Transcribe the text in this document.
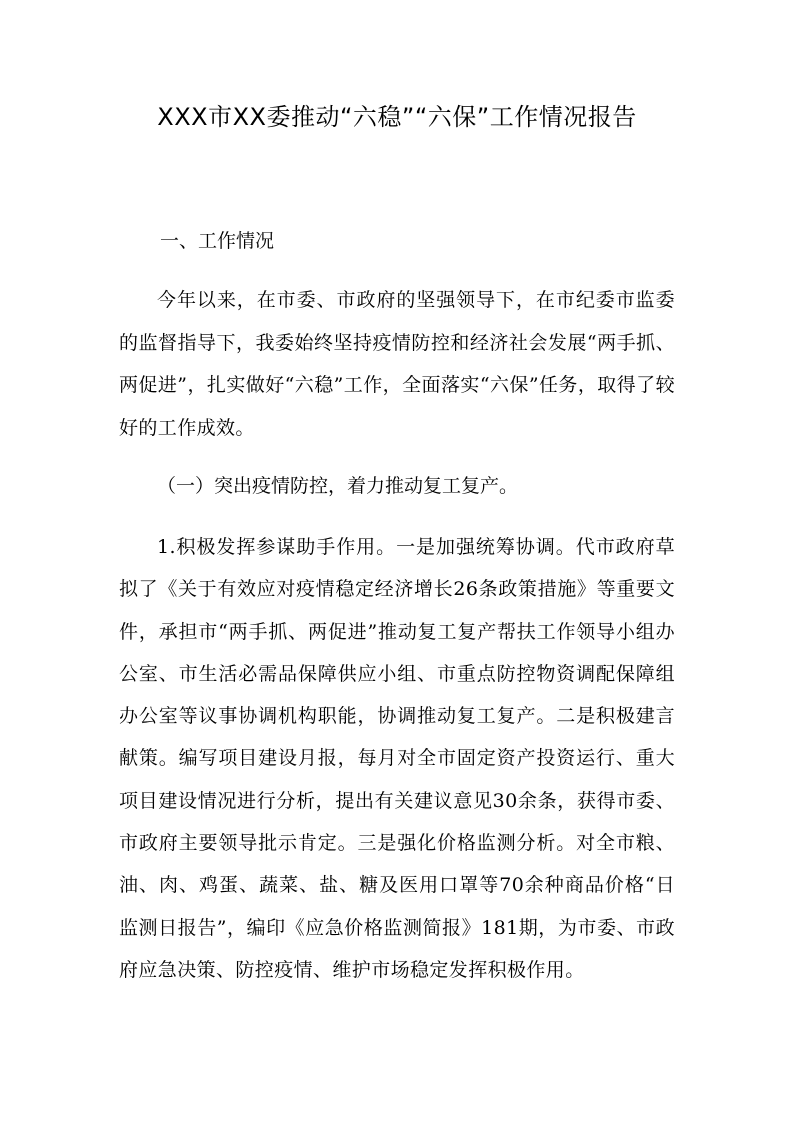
XXX市XX委推动“六稳”“六保”工作情况报告
一、工作情况

今年以来，在市委、市政府的坚强领导下，在市纪委市监委的监督指导下，我委始终坚持疫情防控和经济社会发展“两手抓、两促进”，扎实做好“六稳”工作，全面落实“六保”任务，取得了较好的工作成效。

（一）突出疫情防控，着力推动复工复产。

1.积极发挥参谋助手作用。一是加强统筹协调。代市政府草拟了《关于有效应对疫情稳定经济增长26条政策措施》等重要文件，承担市“两手抓、两促进”推动复工复产帮扶工作领导小组办公室、市生活必需品保障供应小组、市重点防控物资调配保障组办公室等议事协调机构职能，协调推动复工复产。二是积极建言献策。编写项目建设月报，每月对全市固定资产投资运行、重大项目建设情况进行分析，提出有关建议意见30余条，获得市委、市政府主要领导批示肯定。三是强化价格监测分析。对全市粮、油、肉、鸡蛋、蔬菜、盐、糖及医用口罩等70余种商品价格“日监测日报告”，编印《应急价格监测简报》181期，为市委、市政府应急决策、防控疫情、维护市场稳定发挥积极作用。
